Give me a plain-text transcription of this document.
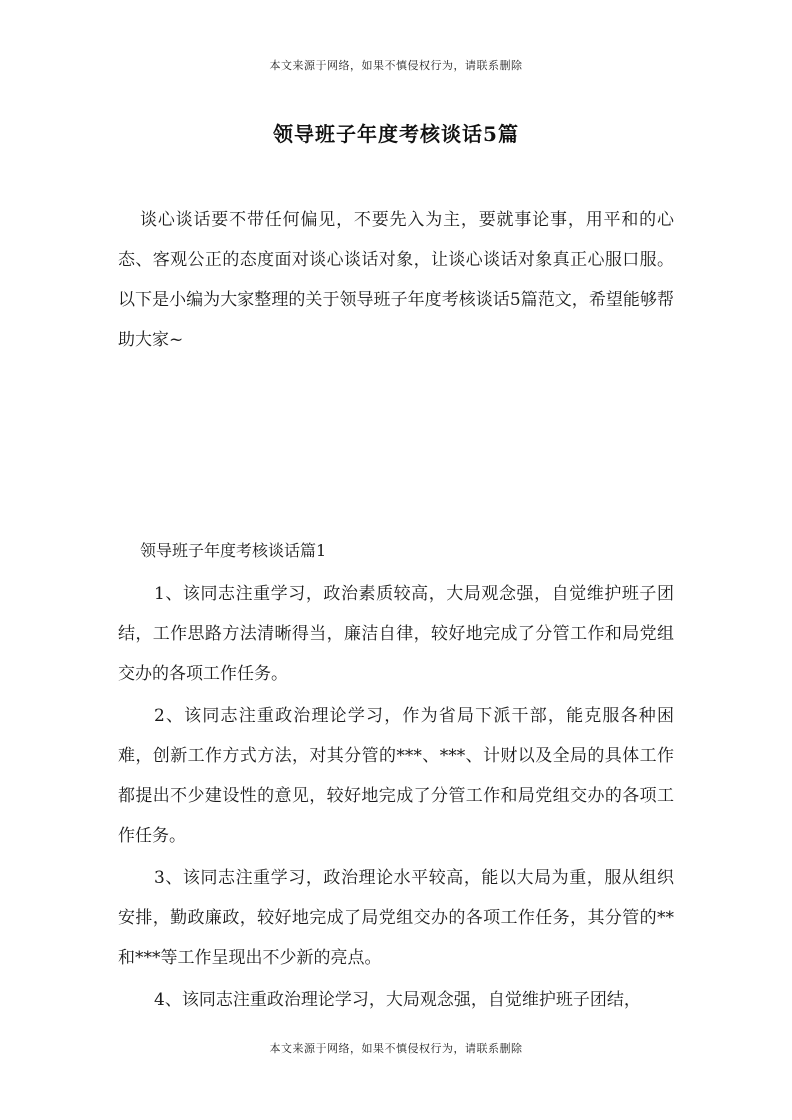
本文来源于网络，如果不慎侵权行为，请联系删除
领导班子年度考核谈话5篇

谈心谈话要不带任何偏见，不要先入为主，要就事论事，用平和的心态、客观公正的态度面对谈心谈话对象，让谈心谈话对象真正心服口服。以下是小编为大家整理的关于领导班子年度考核谈话5篇范文，希望能够帮助大家~

领导班子年度考核谈话篇1

1、该同志注重学习，政治素质较高，大局观念强，自觉维护班子团结，工作思路方法清晰得当，廉洁自律，较好地完成了分管工作和局党组交办的各项工作任务。

2、该同志注重政治理论学习，作为省局下派干部，能克服各种困难，创新工作方式方法，对其分管的***、***、计财以及全局的具体工作都提出不少建设性的意见，较好地完成了分管工作和局党组交办的各项工作任务。

3、该同志注重学习，政治理论水平较高，能以大局为重，服从组织安排，勤政廉政，较好地完成了局党组交办的各项工作任务，其分管的**和***等工作呈现出不少新的亮点。

4、该同志注重政治理论学习，大局观念强，自觉维护班子团结，

本文来源于网络，如果不慎侵权行为，请联系删除
